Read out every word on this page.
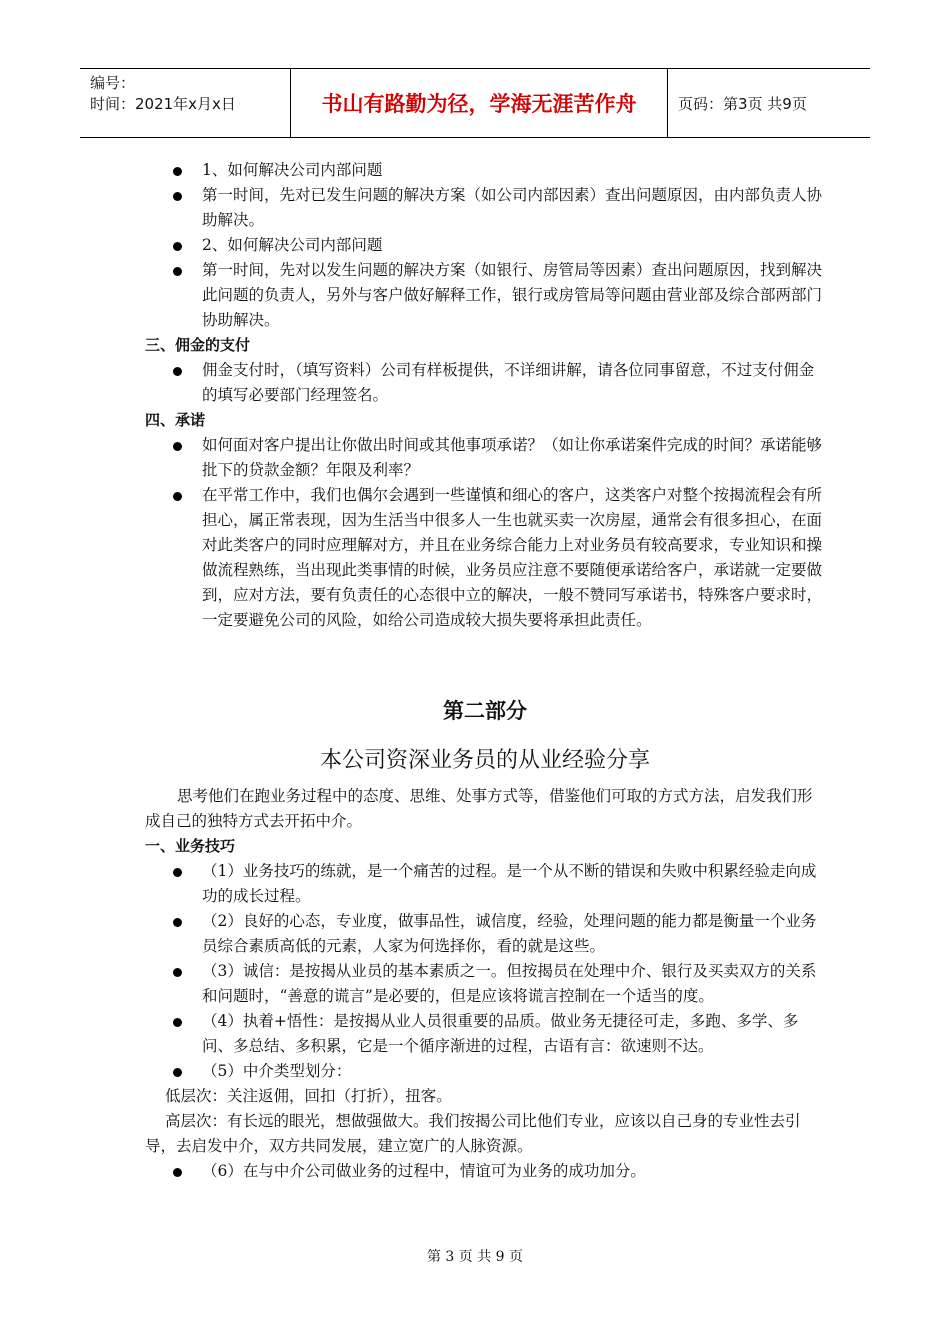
编号：
时间：2021年x月x日	书山有路勤为径，学海无涯苦作舟	页码：第3页 共9页

1、如何解决公司内部问题

第一时间，先对已发生问题的解决方案（如公司内部因素）查出问题原因，由内部负责人协助解决。

2、如何解决公司内部问题

第一时间，先对以发生问题的解决方案（如银行、房管局等因素）查出问题原因，找到解决此问题的负责人，另外与客户做好解释工作，银行或房管局等问题由营业部及综合部两部门协助解决。

三、佣金的支付

佣金支付时，（填写资料）公司有样板提供，不详细讲解，请各位同事留意，不过支付佣金的填写必要部门经理签名。

四、承诺

如何面对客户提出让你做出时间或其他事项承诺？（如让你承诺案件完成的时间？承诺能够批下的贷款金额？年限及利率？

在平常工作中，我们也偶尔会遇到一些谨慎和细心的客户，这类客户对整个按揭流程会有所担心，属正常表现，因为生活当中很多人一生也就买卖一次房屋，通常会有很多担心，在面对此类客户的同时应理解对方，并且在业务综合能力上对业务员有较高要求，专业知识和操做流程熟练，当出现此类事情的时候，业务员应注意不要随便承诺给客户，承诺就一定要做到，应对方法，要有负责任的心态很中立的解决，一般不赞同写承诺书，特殊客户要求时，一定要避免公司的风险，如给公司造成较大损失要将承担此责任。

第二部分

本公司资深业务员的从业经验分享

思考他们在跑业务过程中的态度、思维、处事方式等，借鉴他们可取的方式方法，启发我们形成自己的独特方式去开拓中介。

一、业务技巧

（1）业务技巧的练就，是一个痛苦的过程。是一个从不断的错误和失败中积累经验走向成功的成长过程。

（2）良好的心态，专业度，做事品性，诚信度，经验，处理问题的能力都是衡量一个业务员综合素质高低的元素，人家为何选择你，看的就是这些。

（3）诚信：是按揭从业员的基本素质之一。但按揭员在处理中介、银行及买卖双方的关系和问题时，“善意的谎言”是必要的，但是应该将谎言控制在一个适当的度。

（4）执着+悟性：是按揭从业人员很重要的品质。做业务无捷径可走，多跑、多学、多问、多总结、多积累，它是一个循序渐进的过程，古语有言：欲速则不达。

（5）中介类型划分：

低层次：关注返佣，回扣（打折），扭客。

高层次：有长远的眼光，想做强做大。我们按揭公司比他们专业，应该以自己身的专业性去引导，去启发中介，双方共同发展，建立宽广的人脉资源。

（6）在与中介公司做业务的过程中，情谊可为业务的成功加分。

第 3 页 共 9 页
